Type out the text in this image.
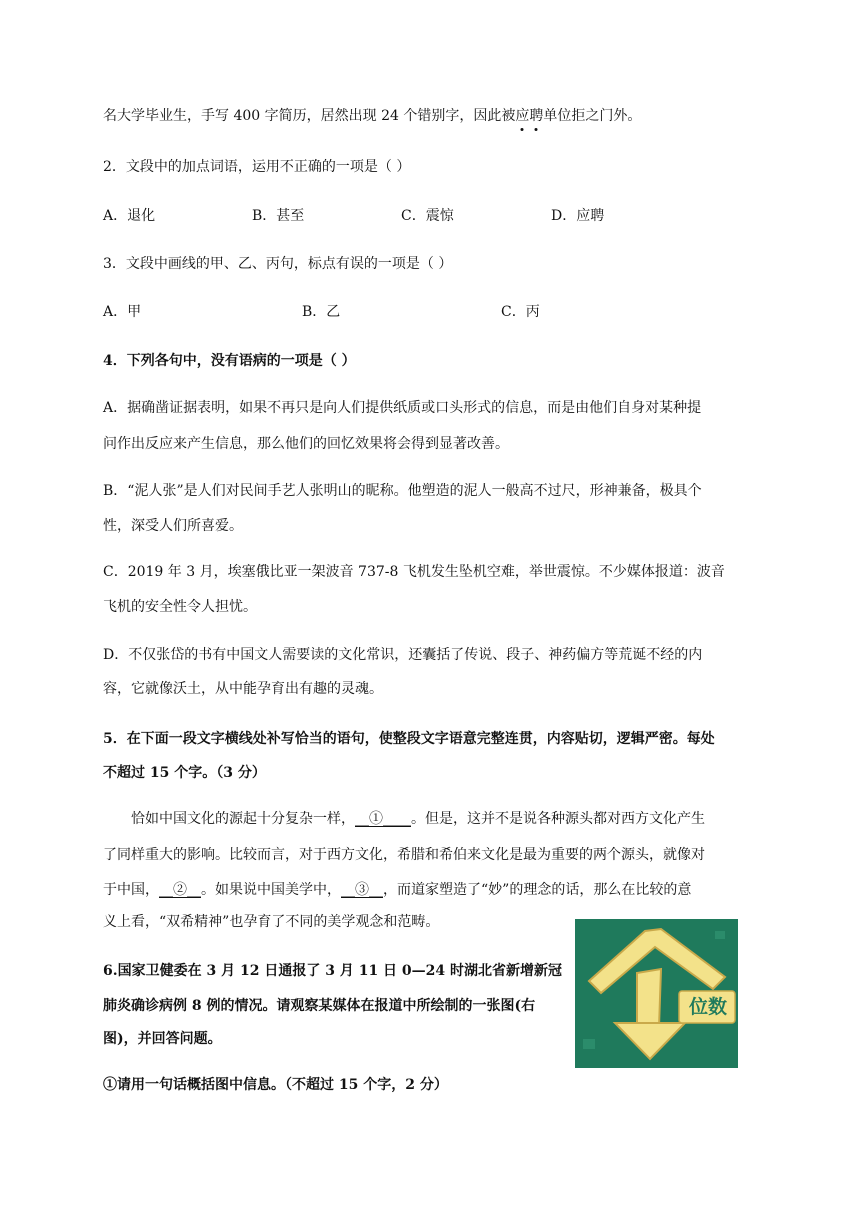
名大学毕业生，手写 400 字简历，居然出现 24 个错别字，因此被应聘单位拒之门外。
2．文段中的加点词语，运用不正确的一项是（ ）
A．退化	B．甚至	C．震惊	D．应聘
3．文段中画线的甲、乙、丙句，标点有误的一项是（ ）
A．甲	B．乙	C．丙
4．下列各句中，没有语病的一项是（ ）
A．据确凿证据表明，如果不再只是向人们提供纸质或口头形式的信息，而是由他们自身对某种提
问作出反应来产生信息，那么他们的回忆效果将会得到显著改善。
B．“泥人张”是人们对民间手艺人张明山的昵称。他塑造的泥人一般高不过尺，形神兼备，极具个
性，深受人们所喜爱。
C．2019 年 3 月，埃塞俄比亚一架波音 737-8 飞机发生坠机空难，举世震惊。不少媒体报道：波音
飞机的安全性令人担忧。
D．不仅张岱的书有中国文人需要读的文化常识，还囊括了传说、段子、神药偏方等荒诞不经的内
容，它就像沃土，从中能孕育出有趣的灵魂。
5．在下面一段文字横线处补写恰当的语句，使整段文字语意完整连贯，内容贴切，逻辑严密。每处
不超过 15 个字。（3 分）
恰如中国文化的源起十分复杂一样，__①____。但是，这并不是说各种源头都对西方文化产生
了同样重大的影响。比较而言，对于西方文化，希腊和希伯来文化是最为重要的两个源头，就像对
于中国，__②__。如果说中国美学中，__③__，而道家塑造了“妙”的理念的话，那么在比较的意
义上看，“双希精神”也孕育了不同的美学观念和范畴。
6.国家卫健委在 3 月 12 日通报了 3 月 11 日 0—24 时湖北省新增新冠
肺炎确诊病例 8 例的情况。请观察某媒体在报道中所绘制的一张图(右
图)，并回答问题。
①请用一句话概括图中信息。（不超过 15 个字，2 分）
位数
